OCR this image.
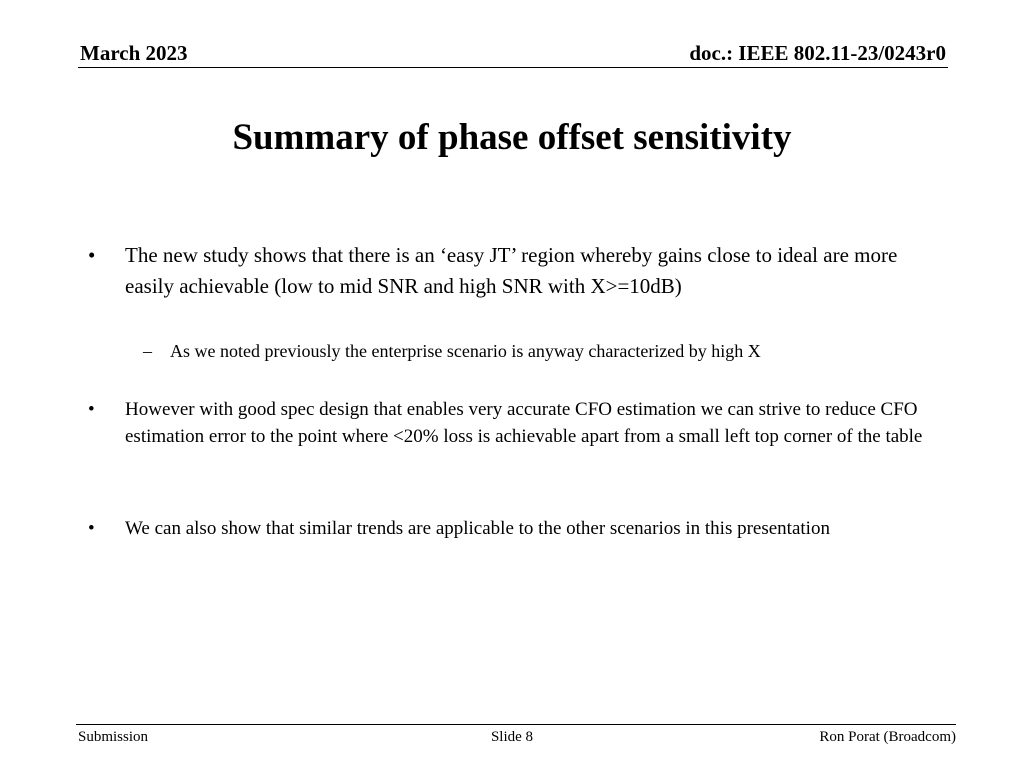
March 2023	doc.: IEEE 802.11-23/0243r0
Summary of phase offset sensitivity
• The new study shows that there is an ‘easy JT’ region whereby gains close to ideal are more easily achievable (low to mid SNR and high SNR with X>=10dB)
– As we noted previously the enterprise scenario is anyway characterized by high X
• However with good spec design that enables very accurate CFO estimation we can strive to reduce CFO estimation error to the point where <20% loss is achievable apart from a small left top corner of the table
• We can also show that similar trends are applicable to the other scenarios in this presentation
Submission	Slide 8	Ron Porat (Broadcom)
